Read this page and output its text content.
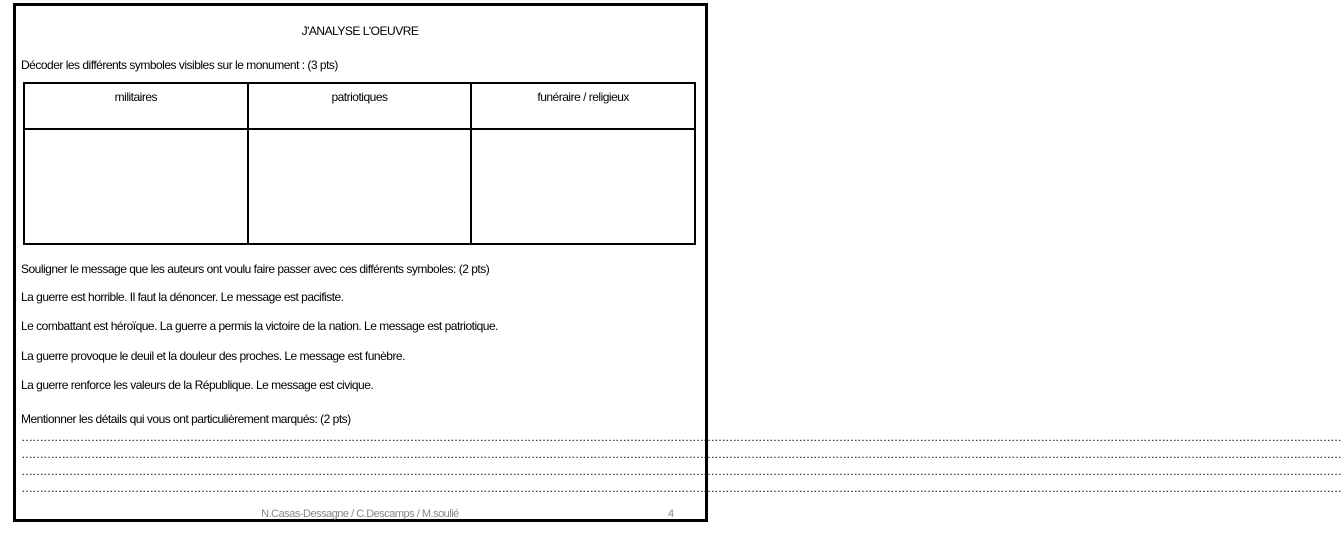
J'ANALYSE L'OEUVRE
Décoder les différents symboles visibles sur le monument : (3 pts)
militaires	patriotiques	funéraire / religieux

Souligner le message que les auteurs ont voulu faire passer avec ces différents symboles: (2 pts)
La guerre est horrible. Il faut la dénoncer. Le message est pacifiste.
Le combattant est héroïque. La guerre a permis la victoire de la nation. Le message est patriotique.
La guerre provoque le deuil et la douleur des proches. Le message est funèbre.
La guerre renforce les valeurs de la République. Le message est civique.
Mentionner les détails qui vous ont particulièrement marqués: (2 pts)
………………………………………………………………………………………………………………………………………………………………………………………………………………………………………………………………………………………………………………………………
………………………………………………………………………………………………………………………………………………………………………………………………………………………………………………………………………………………………………………………………
………………………………………………………………………………………………………………………………………………………………………………………………………………………………………………………………………………………………………………………………
………………………………………………………………………………………………………………………………………………………………………………………………………………………………………………………………………………………………………………………………
N.Casas-Dessagne / C.Descamps / M.soulié	4
